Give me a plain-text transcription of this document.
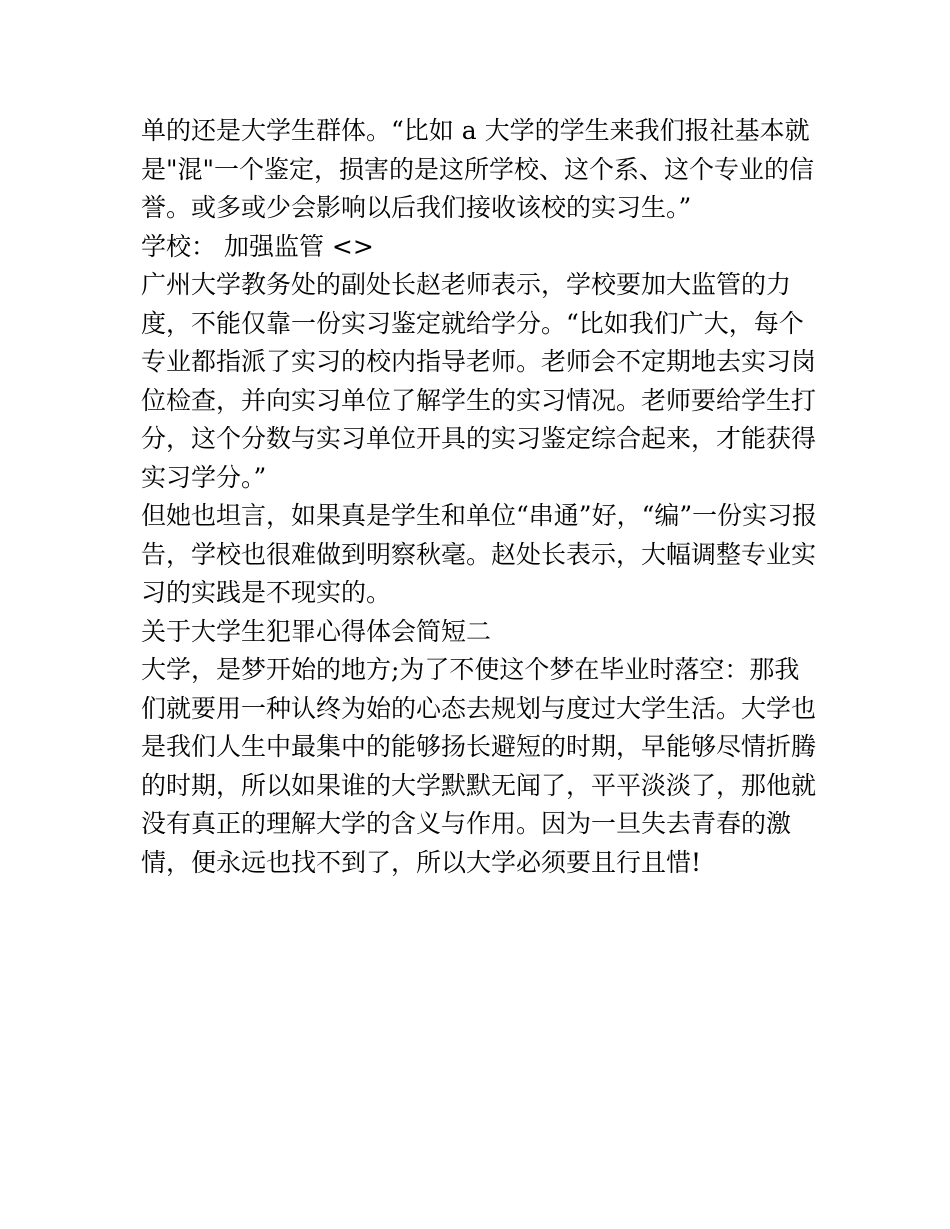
单的还是大学生群体。“比如 a 大学的学生来我们报社基本就
是"混"一个鉴定，损害的是这所学校、这个系、这个专业的信
誉。或多或少会影响以后我们接收该校的实习生。”
学校： 加强监管 <>
广州大学教务处的副处长赵老师表示，学校要加大监管的力
度，不能仅靠一份实习鉴定就给学分。“比如我们广大，每个
专业都指派了实习的校内指导老师。老师会不定期地去实习岗
位检查，并向实习单位了解学生的实习情况。老师要给学生打
分，这个分数与实习单位开具的实习鉴定综合起来，才能获得
实习学分。”
但她也坦言，如果真是学生和单位“串通”好，“编”一份实习报
告，学校也很难做到明察秋毫。赵处长表示，大幅调整专业实
习的实践是不现实的。
关于大学生犯罪心得体会简短二
大学，是梦开始的地方;为了不使这个梦在毕业时落空：那我
们就要用一种认终为始的心态去规划与度过大学生活。大学也
是我们人生中最集中的能够扬长避短的时期，早能够尽情折腾
的时期，所以如果谁的大学默默无闻了，平平淡淡了，那他就
没有真正的理解大学的含义与作用。因为一旦失去青春的激
情，便永远也找不到了，所以大学必须要且行且惜!
